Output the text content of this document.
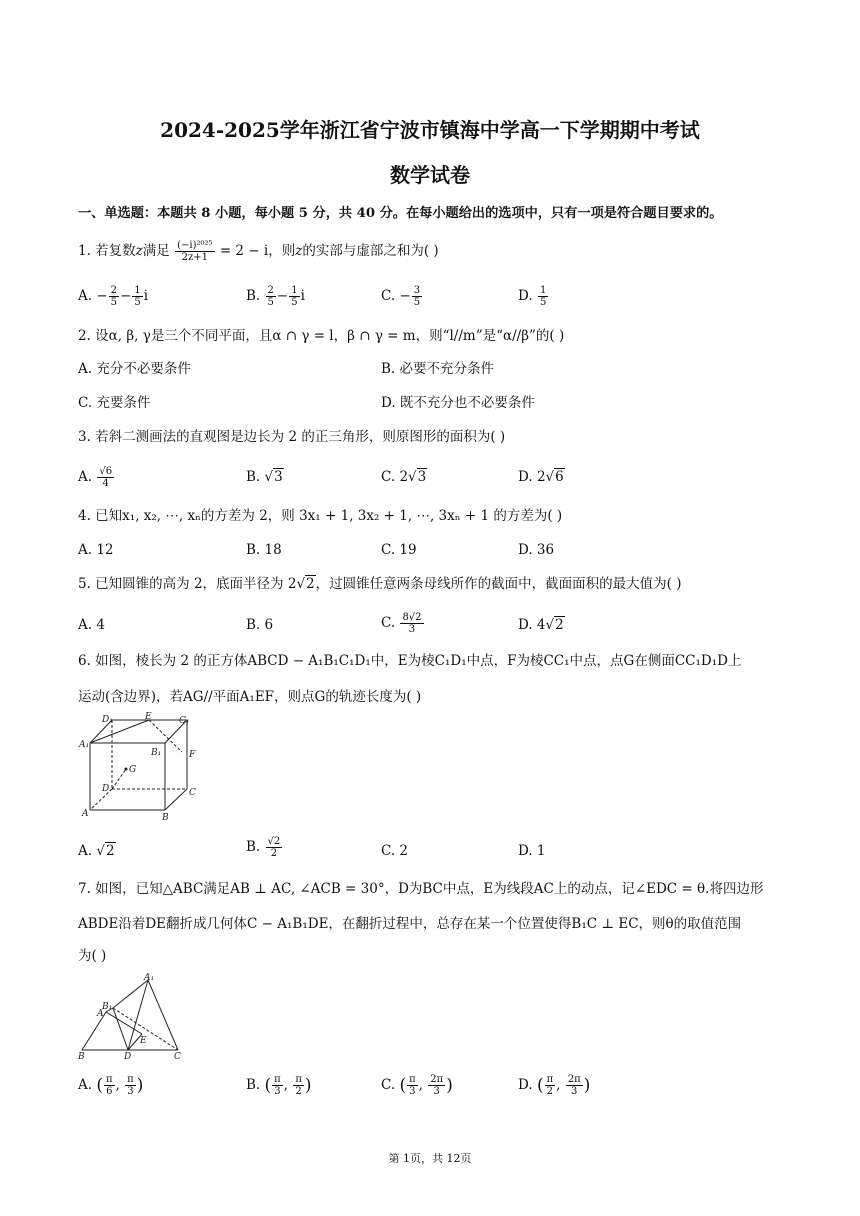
2024-2025学年浙江省宁波市镇海中学高一下学期期中考试
数学试卷
一、单选题：本题共 8 小题，每小题 5 分，共 40 分。在每小题给出的选项中，只有一项是符合题目要求的。
1. 若复数z满足 $\frac{\text{(−i)²⁰²⁵}}{2z+1} = 2 - i$，则z的实部与虚部之和为( )
A. − $\frac{2}{5} - \frac{1}{5}$ i	B. $\frac{2}{5} - \frac{1}{5}$ i	C. − $\frac{3}{5}$	D. $\frac{1}{5}$
2. 设α, β, γ是三个不同平面，且α ∩ γ = l，β ∩ γ = m，则“l//m”是“α//β”的( )
A. 充分不必要条件	B. 必要不充分条件
C. 充要条件	D. 既不充分也不必要条件
3. 若斜二测画法的直观图是边长为 2 的正三角形，则原图形的面积为( )
A. $\frac{√6}{4}$	B. √3	C. 2√3	D. 2√6
4. 已知x₁, x₂, ⋯, xₙ的方差为 2，则 3x₁ + 1, 3x₂ + 1, ⋯, 3xₙ + 1 的方差为( )
A. 12	B. 18	C. 19	D. 36
5. 已知圆锥的高为 2，底面半径为 2√2，过圆锥任意两条母线所作的截面中，截面面积的最大值为( )
A. 4	B. 6	C. $\frac{8√2}{3}$	D. 4√2
6. 如图，棱长为 2 的正方体ABCD − A₁B₁C₁D₁中，E为棱C₁D₁中点，F为棱CC₁中点，点G在侧面CC₁D₁D上
运动(含边界)，若AG//平面A₁EF，则点G的轨迹长度为( )
D₁	E	C₁
A₁
B₁	F
G
D	C
A	B
A. √2	B. $\frac{√2}{2}$	C. 2	D. 1
7. 如图，已知△ABC满足AB ⊥ AC, ∠ACB = 30°，D为BC中点，E为线段AC上的动点，记∠EDC = θ.将四边形
ABDE沿着DE翻折成几何体C − A₁B₁DE，在翻折过程中，总存在某一个位置使得B₁C ⊥ EC，则θ的取值范围
为( )
A₁
B₁
A
E
B	D	C
A. ( $\frac{\pi}{6}$ , $\frac{\pi}{3}$ )	B. ( $\frac{\pi}{3}$ , $\frac{\pi}{2}$ )	C. ( $\frac{\pi}{3}$ , $\frac{2\pi}{3}$ )	D. ( $\frac{\pi}{2}$ , $\frac{2\pi}{3}$ )
第 1页，共 12页
